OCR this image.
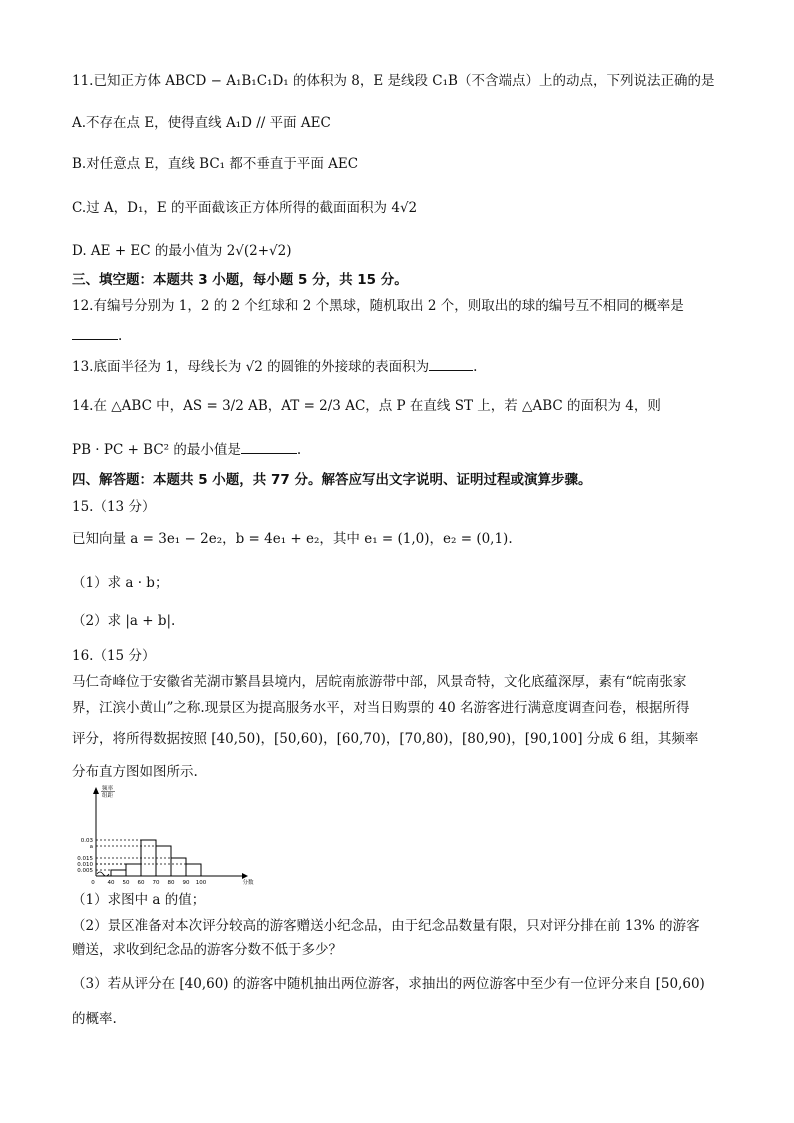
11.已知正方体 ABCD − A₁B₁C₁D₁ 的体积为 8，E 是线段 C₁B（不含端点）上的动点，下列说法正确的是
A.不存在点 E，使得直线 A₁D // 平面 AEC
B.对任意点 E，直线 BC₁ 都不垂直于平面 AEC
C.过 A，D₁，E 的平面截该正方体所得的截面面积为 4√2
D. AE + EC 的最小值为 2√(2+√2)
三、填空题：本题共 3 小题，每小题 5 分，共 15 分。
12.有编号分别为 1，2 的 2 个红球和 2 个黑球，随机取出 2 个，则取出的球的编号互不相同的概率是
.
13.底面半径为 1，母线长为 √2 的圆锥的外接球的表面积为	.
14.在 △ABC 中，AS = 3/2 AB，AT = 2/3 AC，点 P 在直线 ST 上，若 △ABC 的面积为 4，则
PB · PC + BC² 的最小值是	.
四、解答题：本题共 5 小题，共 77 分。解答应写出文字说明、证明过程或演算步骤。
15.（13 分）
已知向量 a = 3e₁ − 2e₂，b = 4e₁ + e₂，其中 e₁ = (1,0)，e₂ = (0,1).
（1）求 a · b；
（2）求 |a + b|.
16.（15 分）
马仁奇峰位于安徽省芜湖市繁昌县境内，居皖南旅游带中部，风景奇特，文化底蕴深厚，素有“皖南张家
界，江滨小黄山”之称.现景区为提高服务水平，对当日购票的 40 名游客进行满意度调查问卷，根据所得
评分，将所得数据按照 [40,50)，[50,60)，[60,70)，[70,80)，[80,90)，[90,100] 分成 6 组，其频率
分布直方图如图所示.
40 50 60 70 80 90 100
0	分数
0.005
0.010
0.015
0.03
a
频率
组距
（1）求图中 a 的值；
（2）景区准备对本次评分较高的游客赠送小纪念品，由于纪念品数量有限，只对评分排在前 13% 的游客
赠送，求收到纪念品的游客分数不低于多少？
（3）若从评分在 [40,60) 的游客中随机抽出两位游客，求抽出的两位游客中至少有一位评分来自 [50,60)
的概率.
